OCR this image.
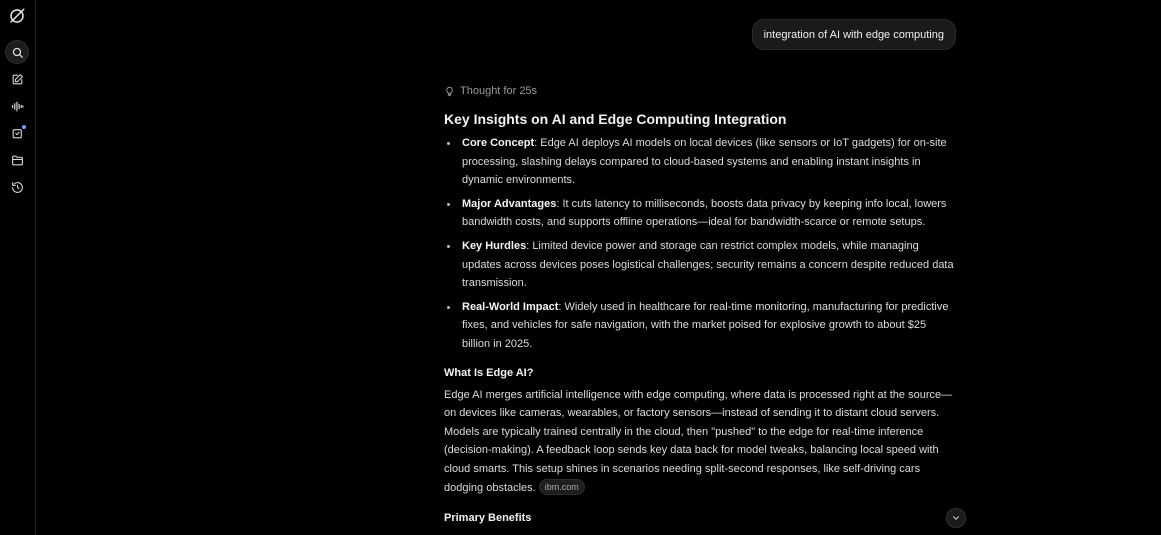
integration of AI with edge computing
Thought for 25s
Key Insights on AI and Edge Computing Integration
Core Concept: Edge AI deploys AI models on local devices (like sensors or IoT gadgets) for on-site processing, slashing delays compared to cloud-based systems and enabling instant insights in dynamic environments.
Major Advantages: It cuts latency to milliseconds, boosts data privacy by keeping info local, lowers bandwidth costs, and supports offline operations—ideal for bandwidth-scarce or remote setups.
Key Hurdles: Limited device power and storage can restrict complex models, while managing updates across devices poses logistical challenges; security remains a concern despite reduced data transmission.
Real-World Impact: Widely used in healthcare for real-time monitoring, manufacturing for predictive fixes, and vehicles for safe navigation, with the market poised for explosive growth to about $25 billion in 2025.
What Is Edge AI?
Edge AI merges artificial intelligence with edge computing, where data is processed right at the source—on devices like cameras, wearables, or factory sensors—instead of sending it to distant cloud servers. Models are typically trained centrally in the cloud, then "pushed" to the edge for real-time inference (decision-making). A feedback loop sends key data back for model tweaks, balancing local speed with cloud smarts. This setup shines in scenarios needing split-second responses, like self-driving cars dodging obstacles. ibm.com
Primary Benefits
